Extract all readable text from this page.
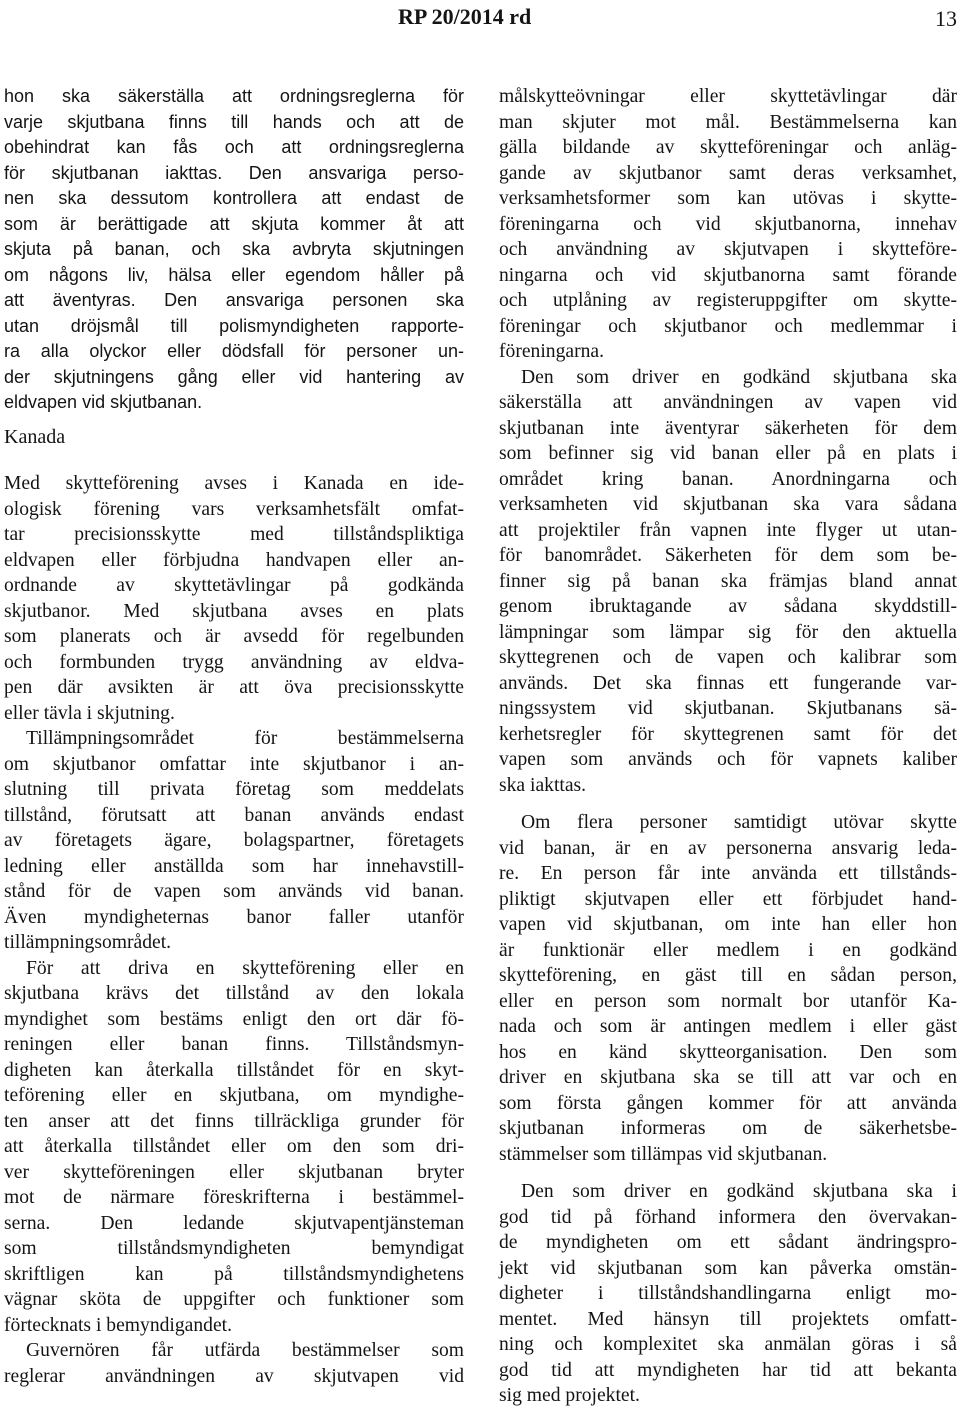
RP 20/2014 rd	13
hon ska säkerställa att ordningsreglerna för
varje skjutbana finns till hands och att de
obehindrat kan fås och att ordningsreglerna
för skjutbanan iakttas. Den ansvariga perso-
nen ska dessutom kontrollera att endast de
som är berättigade att skjuta kommer åt att
skjuta på banan, och ska avbryta skjutningen
om någons liv, hälsa eller egendom håller på
att äventyras. Den ansvariga personen ska
utan dröjsmål till polismyndigheten rapporte-
ra alla olyckor eller dödsfall för personer un-
der skjutningens gång eller vid hantering av
eldvapen vid skjutbanan.
Kanada
Med skytteförening avses i Kanada en ide-
ologisk förening vars verksamhetsfält omfat-
tar precisionsskytte med tillståndspliktiga
eldvapen eller förbjudna handvapen eller an-
ordnande av skyttetävlingar på godkända
skjutbanor. Med skjutbana avses en plats
som planerats och är avsedd för regelbunden
och formbunden trygg användning av eldva-
pen där avsikten är att öva precisionsskytte
eller tävla i skjutning.
Tillämpningsområdet för bestämmelserna
om skjutbanor omfattar inte skjutbanor i an-
slutning till privata företag som meddelats
tillstånd, förutsatt att banan används endast
av företagets ägare, bolagspartner, företagets
ledning eller anställda som har innehavstill-
stånd för de vapen som används vid banan.
Även myndigheternas banor faller utanför
tillämpningsområdet.
För att driva en skytteförening eller en
skjutbana krävs det tillstånd av den lokala
myndighet som bestäms enligt den ort där fö-
reningen eller banan finns. Tillståndsmyn-
digheten kan återkalla tillståndet för en skyt-
teförening eller en skjutbana, om myndighe-
ten anser att det finns tillräckliga grunder för
att återkalla tillståndet eller om den som dri-
ver skytteföreningen eller skjutbanan bryter
mot de närmare föreskrifterna i bestämmel-
serna. Den ledande skjutvapentjänsteman
som tillståndsmyndigheten bemyndigat
skriftligen kan på tillståndsmyndighetens
vägnar sköta de uppgifter och funktioner som
förtecknats i bemyndigandet.
Guvernören får utfärda bestämmelser som
reglerar användningen av skjutvapen vid
målskytteövningar eller skyttetävlingar där
man skjuter mot mål. Bestämmelserna kan
gälla bildande av skytteföreningar och anläg-
gande av skjutbanor samt deras verksamhet,
verksamhetsformer som kan utövas i skytte-
föreningarna och vid skjutbanorna, innehav
och användning av skjutvapen i skytteföre-
ningarna och vid skjutbanorna samt förande
och utplåning av registeruppgifter om skytte-
föreningar och skjutbanor och medlemmar i
föreningarna.
Den som driver en godkänd skjutbana ska
säkerställa att användningen av vapen vid
skjutbanan inte äventyrar säkerheten för dem
som befinner sig vid banan eller på en plats i
området kring banan. Anordningarna och
verksamheten vid skjutbanan ska vara sådana
att projektiler från vapnen inte flyger ut utan-
för banområdet. Säkerheten för dem som be-
finner sig på banan ska främjas bland annat
genom ibruktagande av sådana skyddstill-
lämpningar som lämpar sig för den aktuella
skyttegrenen och de vapen och kalibrar som
används. Det ska finnas ett fungerande var-
ningssystem vid skjutbanan. Skjutbanans sä-
kerhetsregler för skyttegrenen samt för det
vapen som används och för vapnets kaliber
ska iakttas.
Om flera personer samtidigt utövar skytte
vid banan, är en av personerna ansvarig leda-
re. En person får inte använda ett tillstånds-
pliktigt skjutvapen eller ett förbjudet hand-
vapen vid skjutbanan, om inte han eller hon
är funktionär eller medlem i en godkänd
skytteförening, en gäst till en sådan person,
eller en person som normalt bor utanför Ka-
nada och som är antingen medlem i eller gäst
hos en känd skytteorganisation. Den som
driver en skjutbana ska se till att var och en
som första gången kommer för att använda
skjutbanan informeras om de säkerhetsbe-
stämmelser som tillämpas vid skjutbanan.
Den som driver en godkänd skjutbana ska i
god tid på förhand informera den övervakan-
de myndigheten om ett sådant ändringspro-
jekt vid skjutbanan som kan påverka omstän-
digheter i tillståndshandlingarna enligt mo-
mentet. Med hänsyn till projektets omfatt-
ning och komplexitet ska anmälan göras i så
god tid att myndigheten har tid att bekanta
sig med projektet.
